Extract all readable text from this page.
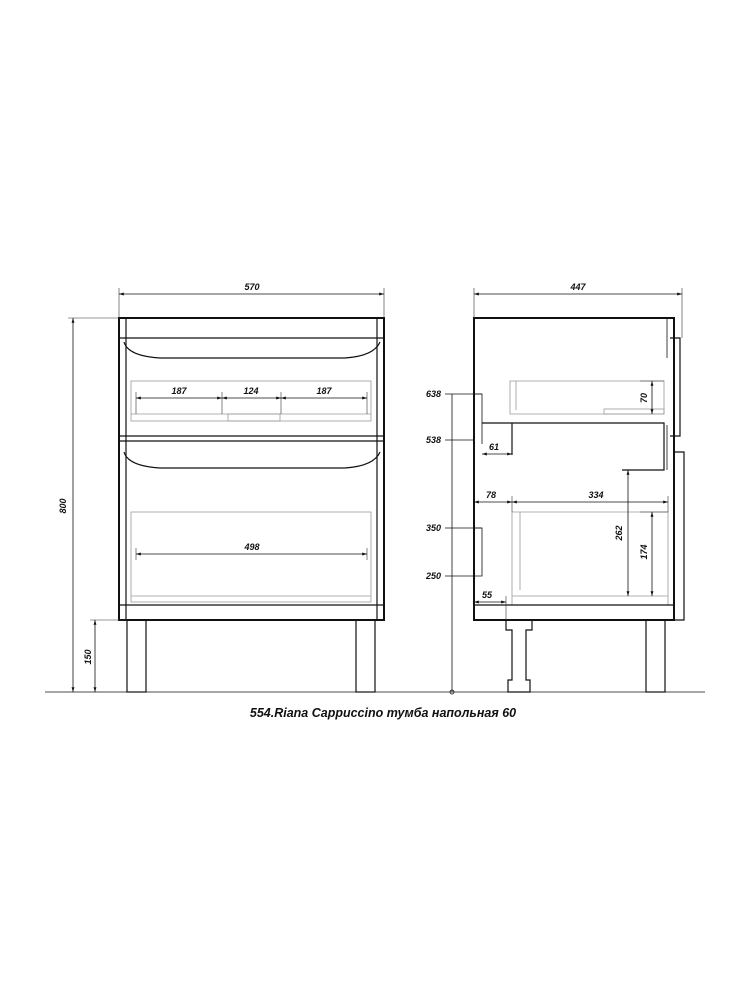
570
800
150
187	124	187
498
447
638
538
350
250
61
70
78	334
262
174
55
554.Riana Cappuccino тумба напольная 60
